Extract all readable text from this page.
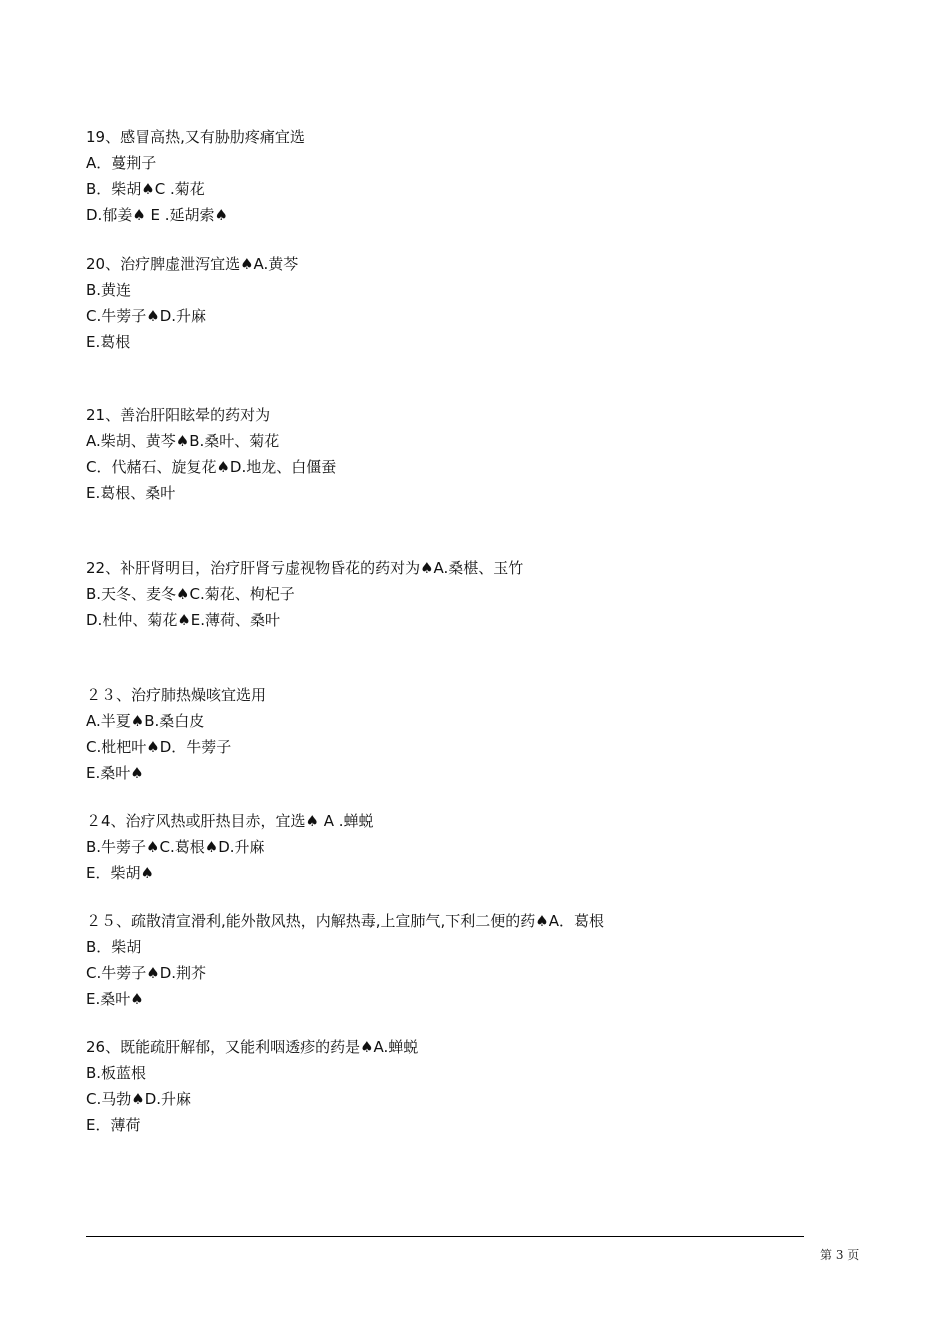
19、感冒高热,又有胁肋疼痛宜选
A．蔓荆子
B．柴胡♠C .菊花
D.郁姜♠ E .延胡索♠
20、治疗脾虚泄泻宜选♠A.黄芩
B.黄连
C.牛蒡子♠D.升麻
E.葛根
21、善治肝阳眩晕的药对为
A.柴胡、黄芩♠B.桑叶、菊花
C．代赭石、旋复花♠D.地龙、白僵蚕
E.葛根、桑叶
22、补肝肾明目，治疗肝肾亏虚视物昏花的药对为♠A.桑椹、玉竹
B.天冬、麦冬♠C.菊花、枸杞子
D.杜仲、菊花♠E.薄荷、桑叶
２３、治疗肺热燥咳宜选用
A.半夏♠B.桑白皮
C.枇杷叶♠D．牛蒡子
E.桑叶♠
２4、治疗风热或肝热目赤，宜选♠ A .蝉蜕
B.牛蒡子♠C.葛根♠D.升麻
E．柴胡♠
２５、疏散清宣滑利,能外散风热，内解热毒,上宣肺气,下利二便的药♠A．葛根
B．柴胡
C.牛蒡子♠D.荆芥
E.桑叶♠
26、既能疏肝解郁，又能利咽透疹的药是♠A.蝉蜕
B.板蓝根
C.马勃♠D.升麻
E．薄荷
第 3 页
